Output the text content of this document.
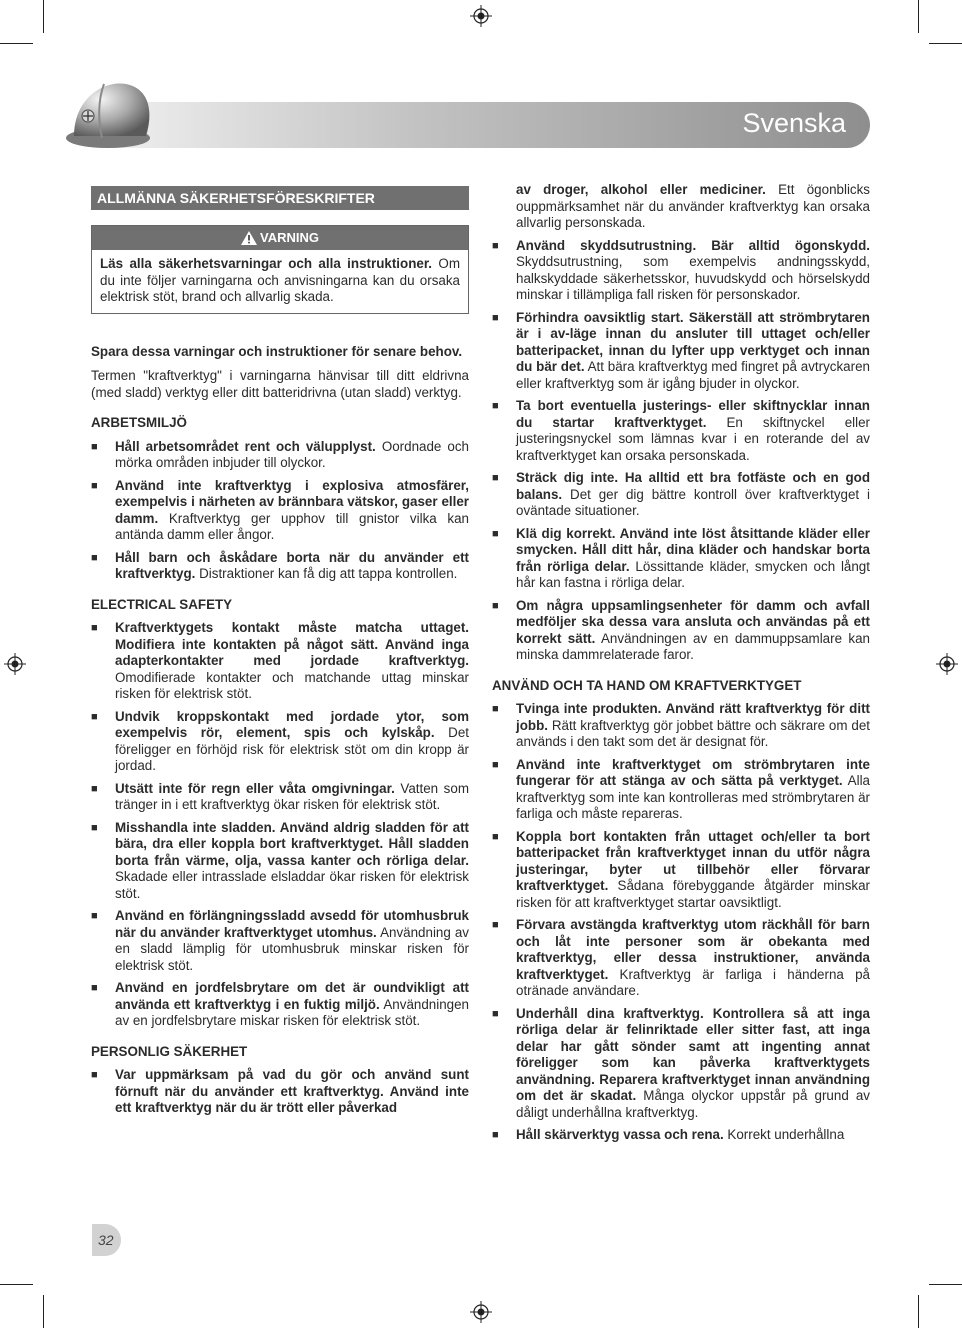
Svenska
ALLMÄNNA SÄKERHETSFÖRESKRIFTER
VARNING
Läs alla säkerhetsvarningar och alla instruktioner. Om du inte följer varningarna och anvisningarna kan du orsaka elektrisk stöt, brand och allvarlig skada.

Spara dessa varningar och instruktioner för senare behov.

Termen "kraftverktyg" i varningarna hänvisar till ditt eldrivna (med sladd) verktyg eller ditt batteridrivna (utan sladd) verktyg.

ARBETSMILJÖ
■ Håll arbetsområdet rent och välupplyst. Oordnade och mörka områden inbjuder till olyckor.
■ Använd inte kraftverktyg i explosiva atmosfärer, exempelvis i närheten av brännbara vätskor, gaser eller damm. Kraftverktyg ger upphov till gnistor vilka kan antända damm eller ångor.
■ Håll barn och åskådare borta när du använder ett kraftverktyg. Distraktioner kan få dig att tappa kontrollen.
ELECTRICAL SAFETY
■ Kraftverktygets kontakt måste matcha uttaget. Modifiera inte kontakten på något sätt. Använd inga adapterkontakter med jordade kraftverktyg. Omodifierade kontakter och matchande uttag minskar risken för elektrisk stöt.
■ Undvik kroppskontakt med jordade ytor, som exempelvis rör, element, spis och kylskåp. Det föreligger en förhöjd risk för elektrisk stöt om din kropp är jordad.
■ Utsätt inte för regn eller våta omgivningar. Vatten som tränger in i ett kraftverktyg ökar risken för elektrisk stöt.
■ Misshandla inte sladden. Använd aldrig sladden för att bära, dra eller koppla bort kraftverktyget. Håll sladden borta från värme, olja, vassa kanter och rörliga delar. Skadade eller intrasslade elsladdar ökar risken för elektrisk stöt.
■ Använd en förlängningssladd avsedd för utomhusbruk när du använder kraftverktyget utomhus. Användning av en sladd lämplig för utomhusbruk minskar risken för elektrisk stöt.
■ Använd en jordfelsbrytare om det är oundvikligt att använda ett kraftverktyg i en fuktig miljö. Användningen av en jordfelsbrytare miskar risken för elektrisk stöt.
PERSONLIG SÄKERHET
■ Var uppmärksam på vad du gör och använd sunt förnuft när du använder ett kraftverktyg. Använd inte ett kraftverktyg när du är trött eller påverkad
av droger, alkohol eller mediciner. Ett ögonblicks ouppmärksamhet när du använder kraftverktyg kan orsaka allvarlig personskada.
■ Använd skyddsutrustning. Bär alltid ögonskydd. Skyddsutrustning, som exempelvis andningsskydd, halkskyddade säkerhetsskor, huvudskydd och hörselskydd minskar i tillämpliga fall risken för personskador.
■ Förhindra oavsiktlig start. Säkerställ att strömbrytaren är i av-läge innan du ansluter till uttaget och/eller batteripacket, innan du lyfter upp verktyget och innan du bär det. Att bära kraftverktyg med fingret på avtryckaren eller kraftverktyg som är igång bjuder in olyckor.
■ Ta bort eventuella justerings- eller skiftnycklar innan du startar kraftverktyget. En skiftnyckel eller justeringsnyckel som lämnas kvar i en roterande del av kraftverktyget kan orsaka personskada.
■ Sträck dig inte. Ha alltid ett bra fotfäste och en god balans. Det ger dig bättre kontroll över kraftverktyget i oväntade situationer.
■ Klä dig korrekt. Använd inte löst åtsittande kläder eller smycken. Håll ditt hår, dina kläder och handskar borta från rörliga delar. Lössittande kläder, smycken och långt hår kan fastna i rörliga delar.
■ Om några uppsamlingsenheter för damm och avfall medföljer ska dessa vara ansluta och användas på ett korrekt sätt. Användningen av en dammuppsamlare kan minska dammrelaterade faror.
ANVÄND OCH TA HAND OM KRAFTVERKTYGET
■ Tvinga inte produkten. Använd rätt kraftverktyg för ditt jobb. Rätt kraftverktyg gör jobbet bättre och säkrare om det används i den takt som det är designat för.
■ Använd inte kraftverktyget om strömbrytaren inte fungerar för att stänga av och sätta på verktyget. Alla kraftverktyg som inte kan kontrolleras med strömbrytaren är farliga och måste repareras.
■ Koppla bort kontakten från uttaget och/eller ta bort batteripacket från kraftverktyget innan du utför några justeringar, byter ut tillbehör eller förvarar kraftverktyget. Sådana förebyggande åtgärder minskar risken för att kraftverktyget startar oavsiktligt.
■ Förvara avstängda kraftverktyg utom räckhåll för barn och låt inte personer som är obekanta med kraftverktyg, eller dessa instruktioner, använda kraftverktyget. Kraftverktyg är farliga i händerna på otränade användare.
■ Underhåll dina kraftverktyg. Kontrollera så att inga rörliga delar är felinriktade eller sitter fast, att inga delar har gått sönder samt att ingenting annat föreligger som kan påverka kraftverktygets användning. Reparera kraftverktyget innan användning om det är skadat. Många olyckor uppstår på grund av dåligt underhållna kraftverktyg.
■ Håll skärverktyg vassa och rena. Korrekt underhållna
32
